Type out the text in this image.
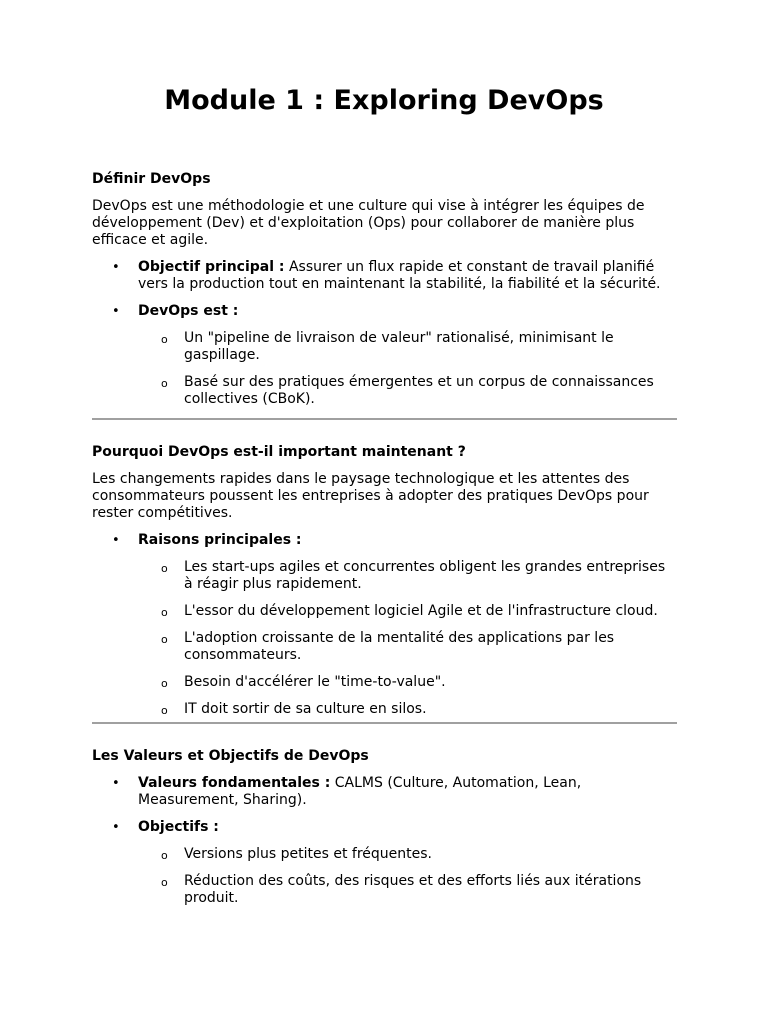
Module 1 : Exploring DevOps
Définir DevOps

DevOps est une méthodologie et une culture qui vise à intégrer les équipes de développement (Dev) et d'exploitation (Ops) pour collaborer de manière plus efficace et agile.

• Objectif principal : Assurer un flux rapide et constant de travail planifié vers la production tout en maintenant la stabilité, la fiabilité et la sécurité.
• DevOps est :
o Un "pipeline de livraison de valeur" rationalisé, minimisant le gaspillage.
o Basé sur des pratiques émergentes et un corpus de connaissances collectives (CBoK).
Pourquoi DevOps est-il important maintenant ?

Les changements rapides dans le paysage technologique et les attentes des consommateurs poussent les entreprises à adopter des pratiques DevOps pour rester compétitives.

• Raisons principales :
o Les start-ups agiles et concurrentes obligent les grandes entreprises à réagir plus rapidement.
o L'essor du développement logiciel Agile et de l'infrastructure cloud.
o L'adoption croissante de la mentalité des applications par les consommateurs.
o Besoin d'accélérer le "time-to-value".
o IT doit sortir de sa culture en silos.
Les Valeurs et Objectifs de DevOps
• Valeurs fondamentales : CALMS (Culture, Automation, Lean, Measurement, Sharing).
• Objectifs :
o Versions plus petites et fréquentes.
o Réduction des coûts, des risques et des efforts liés aux itérations produit.
